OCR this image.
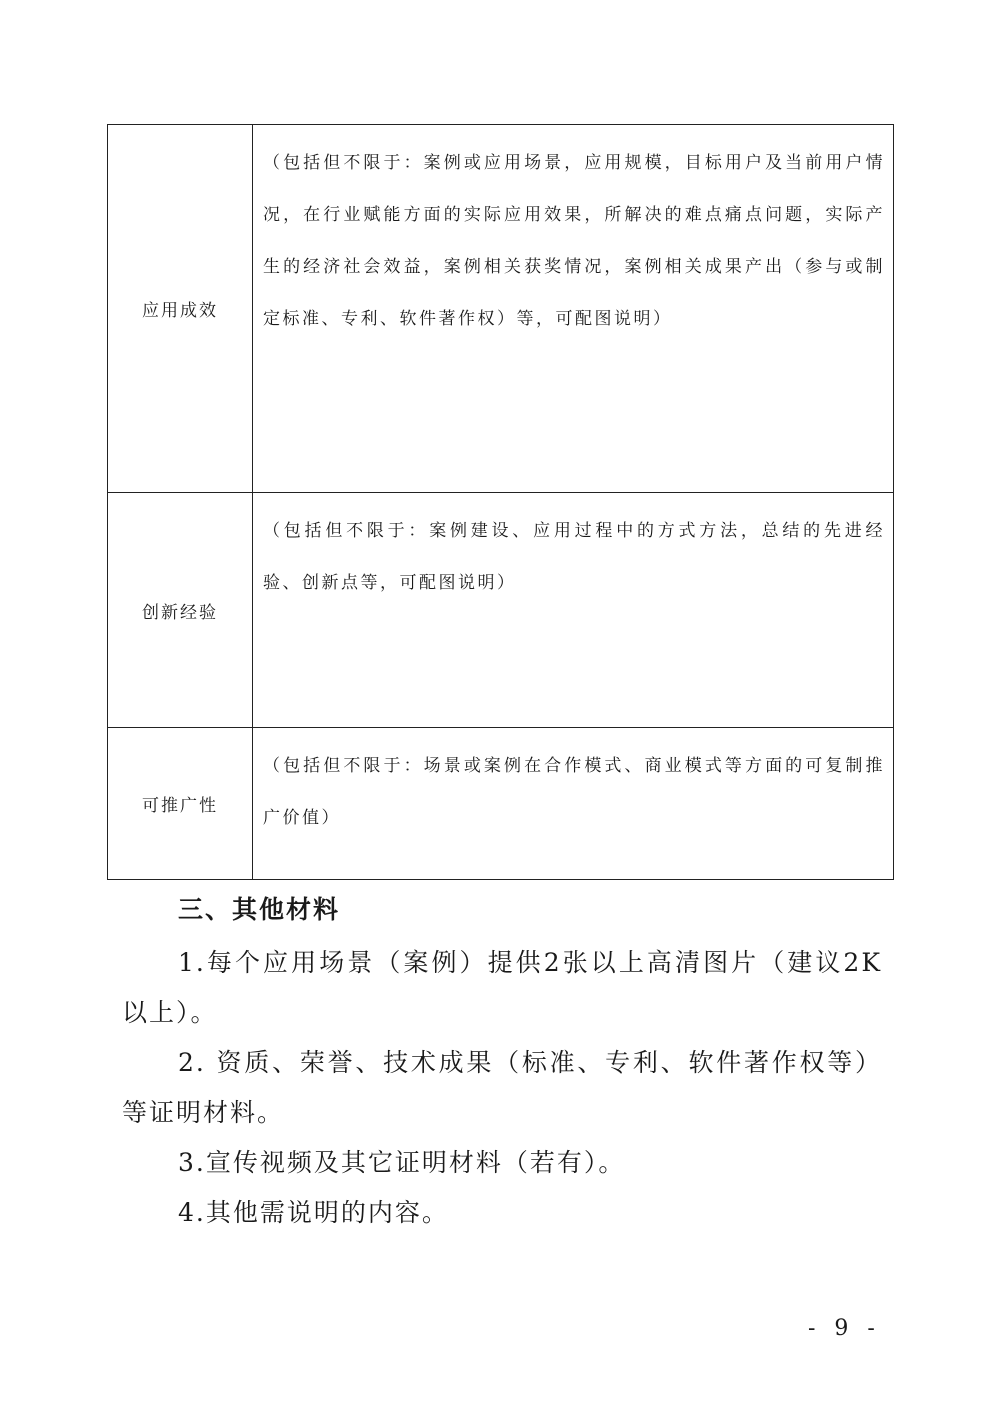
应用成效	（包括但不限于：案例或应用场景，应用规模，目标用户及当前用户情况，在行业赋能方面的实际应用效果，所解决的难点痛点问题，实际产生的经济社会效益，案例相关获奖情况，案例相关成果产出（参与或制定标准、专利、软件著作权）等，可配图说明）

创新经验	（包括但不限于：案例建设、应用过程中的方式方法，总结的先进经验、创新点等，可配图说明）

可推广性	（包括但不限于：场景或案例在合作模式、商业模式等方面的可复制推广价值）

三、其他材料

1.每个应用场景（案例）提供2张以上高清图片（建议2K以上）。

2. 资质、荣誉、技术成果（标准、专利、软件著作权等）等证明材料。

3.宣传视频及其它证明材料（若有）。

4.其他需说明的内容。

- 9 -
